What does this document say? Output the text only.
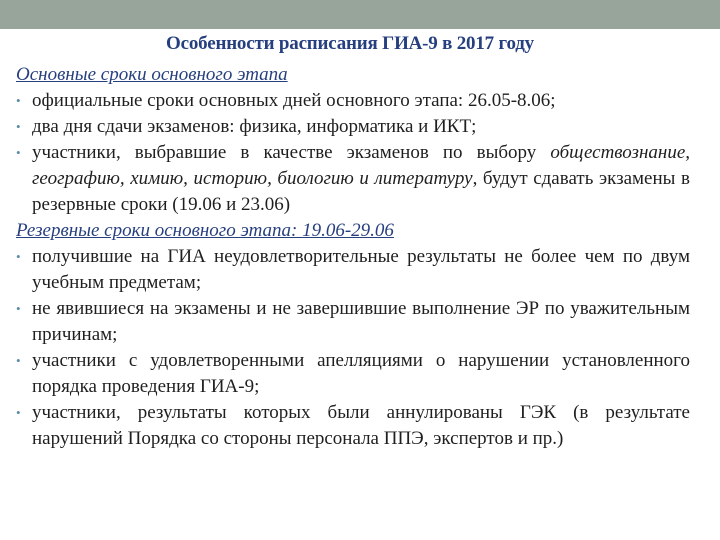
Особенности расписания ГИА-9 в 2017 году

Основные сроки основного этапа

• официальные сроки основных дней основного этапа: 26.05-8.06;
• два дня сдачи экзаменов: физика, информатика и ИКТ;
• участники, выбравшие в качестве экзаменов по выбору обществознание, географию, химию, историю, биологию и литературу, будут сдавать экзамены в резервные сроки (19.06 и 23.06)

Резервные сроки основного этапа: 19.06-29.06

• получившие на ГИА неудовлетворительные результаты не более чем по двум учебным предметам;
• не явившиеся на экзамены и не завершившие выполнение ЭР по уважительным причинам;
• участники с удовлетворенными апелляциями о нарушении установленного порядка проведения ГИА-9;
• участники, результаты которых были аннулированы ГЭК (в результате нарушений Порядка со стороны персонала ППЭ, экспертов и пр.)
